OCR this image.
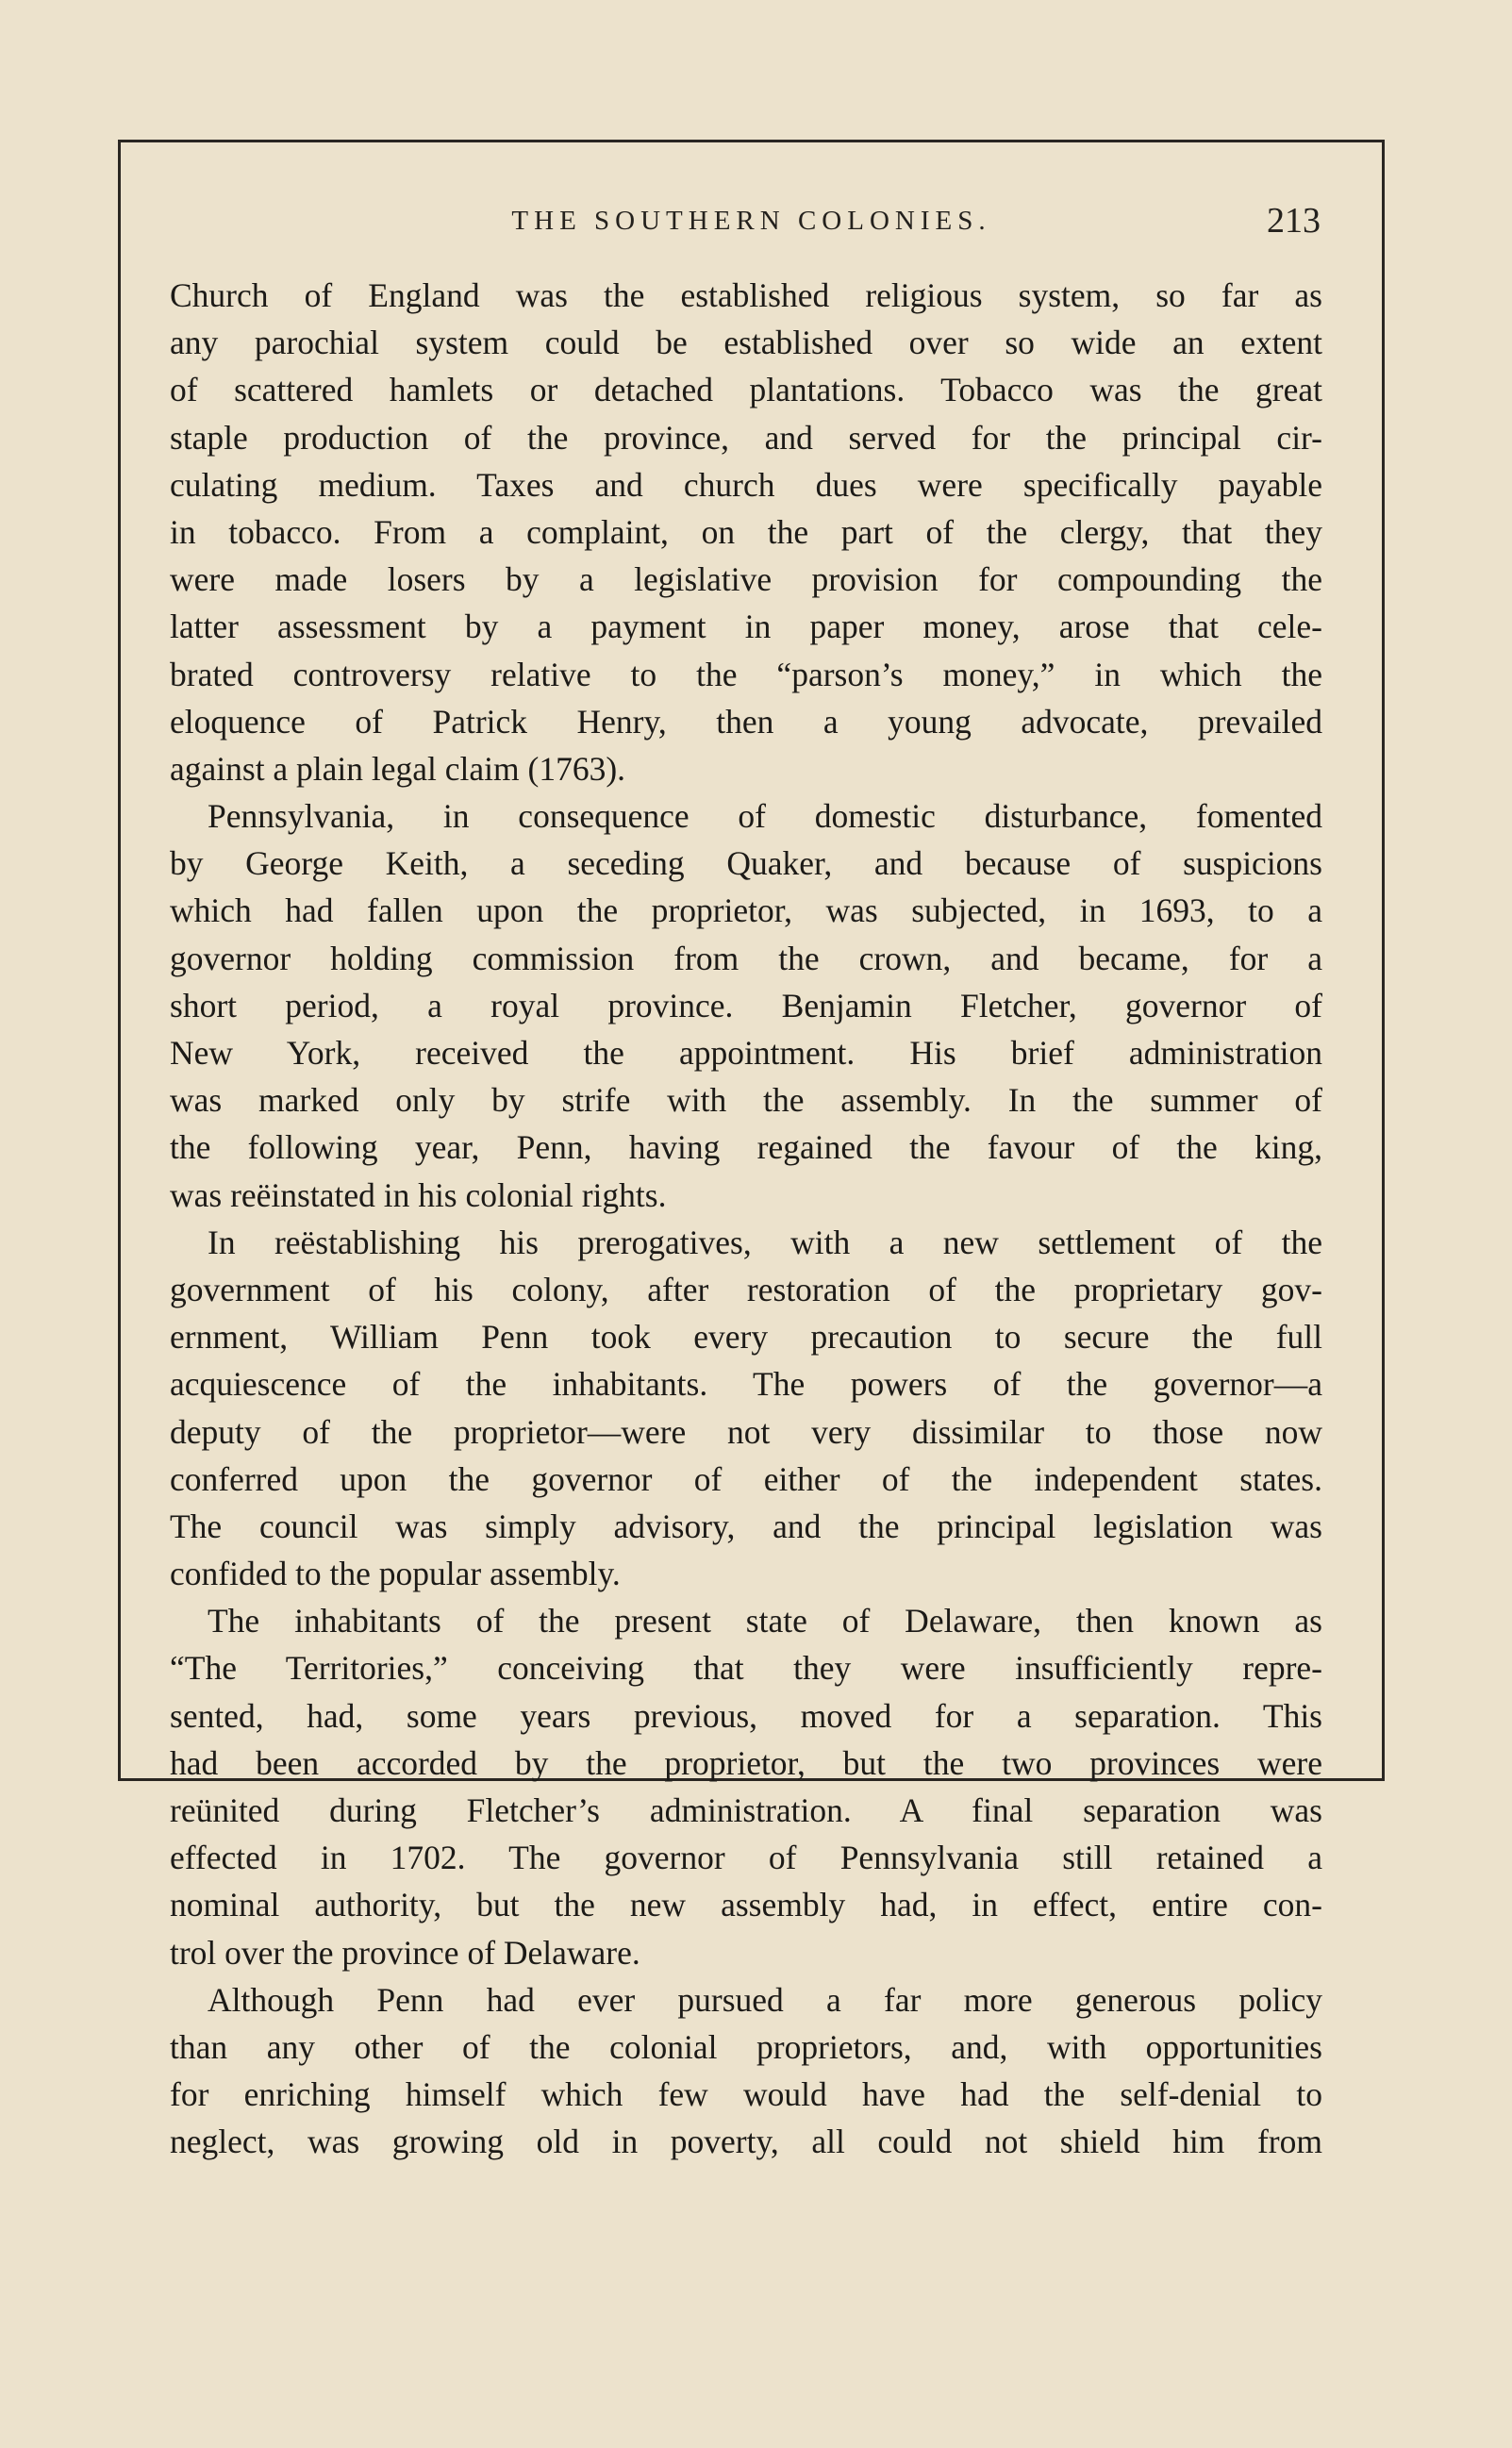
THE SOUTHERN COLONIES.	213
Church of England was the established religious system, so far as
any parochial system could be established over so wide an extent
of scattered hamlets or detached plantations. Tobacco was the great
staple production of the province, and served for the principal cir-
culating medium. Taxes and church dues were specifically payable
in tobacco. From a complaint, on the part of the clergy, that they
were made losers by a legislative provision for compounding the
latter assessment by a payment in paper money, arose that cele-
brated controversy relative to the “parson’s money,” in which the
eloquence of Patrick Henry, then a young advocate, prevailed
against a plain legal claim (1763).
Pennsylvania, in consequence of domestic disturbance, fomented
by George Keith, a seceding Quaker, and because of suspicions
which had fallen upon the proprietor, was subjected, in 1693, to a
governor holding commission from the crown, and became, for a
short period, a royal province. Benjamin Fletcher, governor of
New York, received the appointment. His brief administration
was marked only by strife with the assembly. In the summer of
the following year, Penn, having regained the favour of the king,
was reëinstated in his colonial rights.
In reëstablishing his prerogatives, with a new settlement of the
government of his colony, after restoration of the proprietary gov-
ernment, William Penn took every precaution to secure the full
acquiescence of the inhabitants. The powers of the governor—a
deputy of the proprietor—were not very dissimilar to those now
conferred upon the governor of either of the independent states.
The council was simply advisory, and the principal legislation was
confided to the popular assembly.
The inhabitants of the present state of Delaware, then known as
“The Territories,” conceiving that they were insufficiently repre-
sented, had, some years previous, moved for a separation. This
had been accorded by the proprietor, but the two provinces were
reünited during Fletcher’s administration. A final separation was
effected in 1702. The governor of Pennsylvania still retained a
nominal authority, but the new assembly had, in effect, entire con-
trol over the province of Delaware.
Although Penn had ever pursued a far more generous policy
than any other of the colonial proprietors, and, with opportunities
for enriching himself which few would have had the self-denial to
neglect, was growing old in poverty, all could not shield him from
